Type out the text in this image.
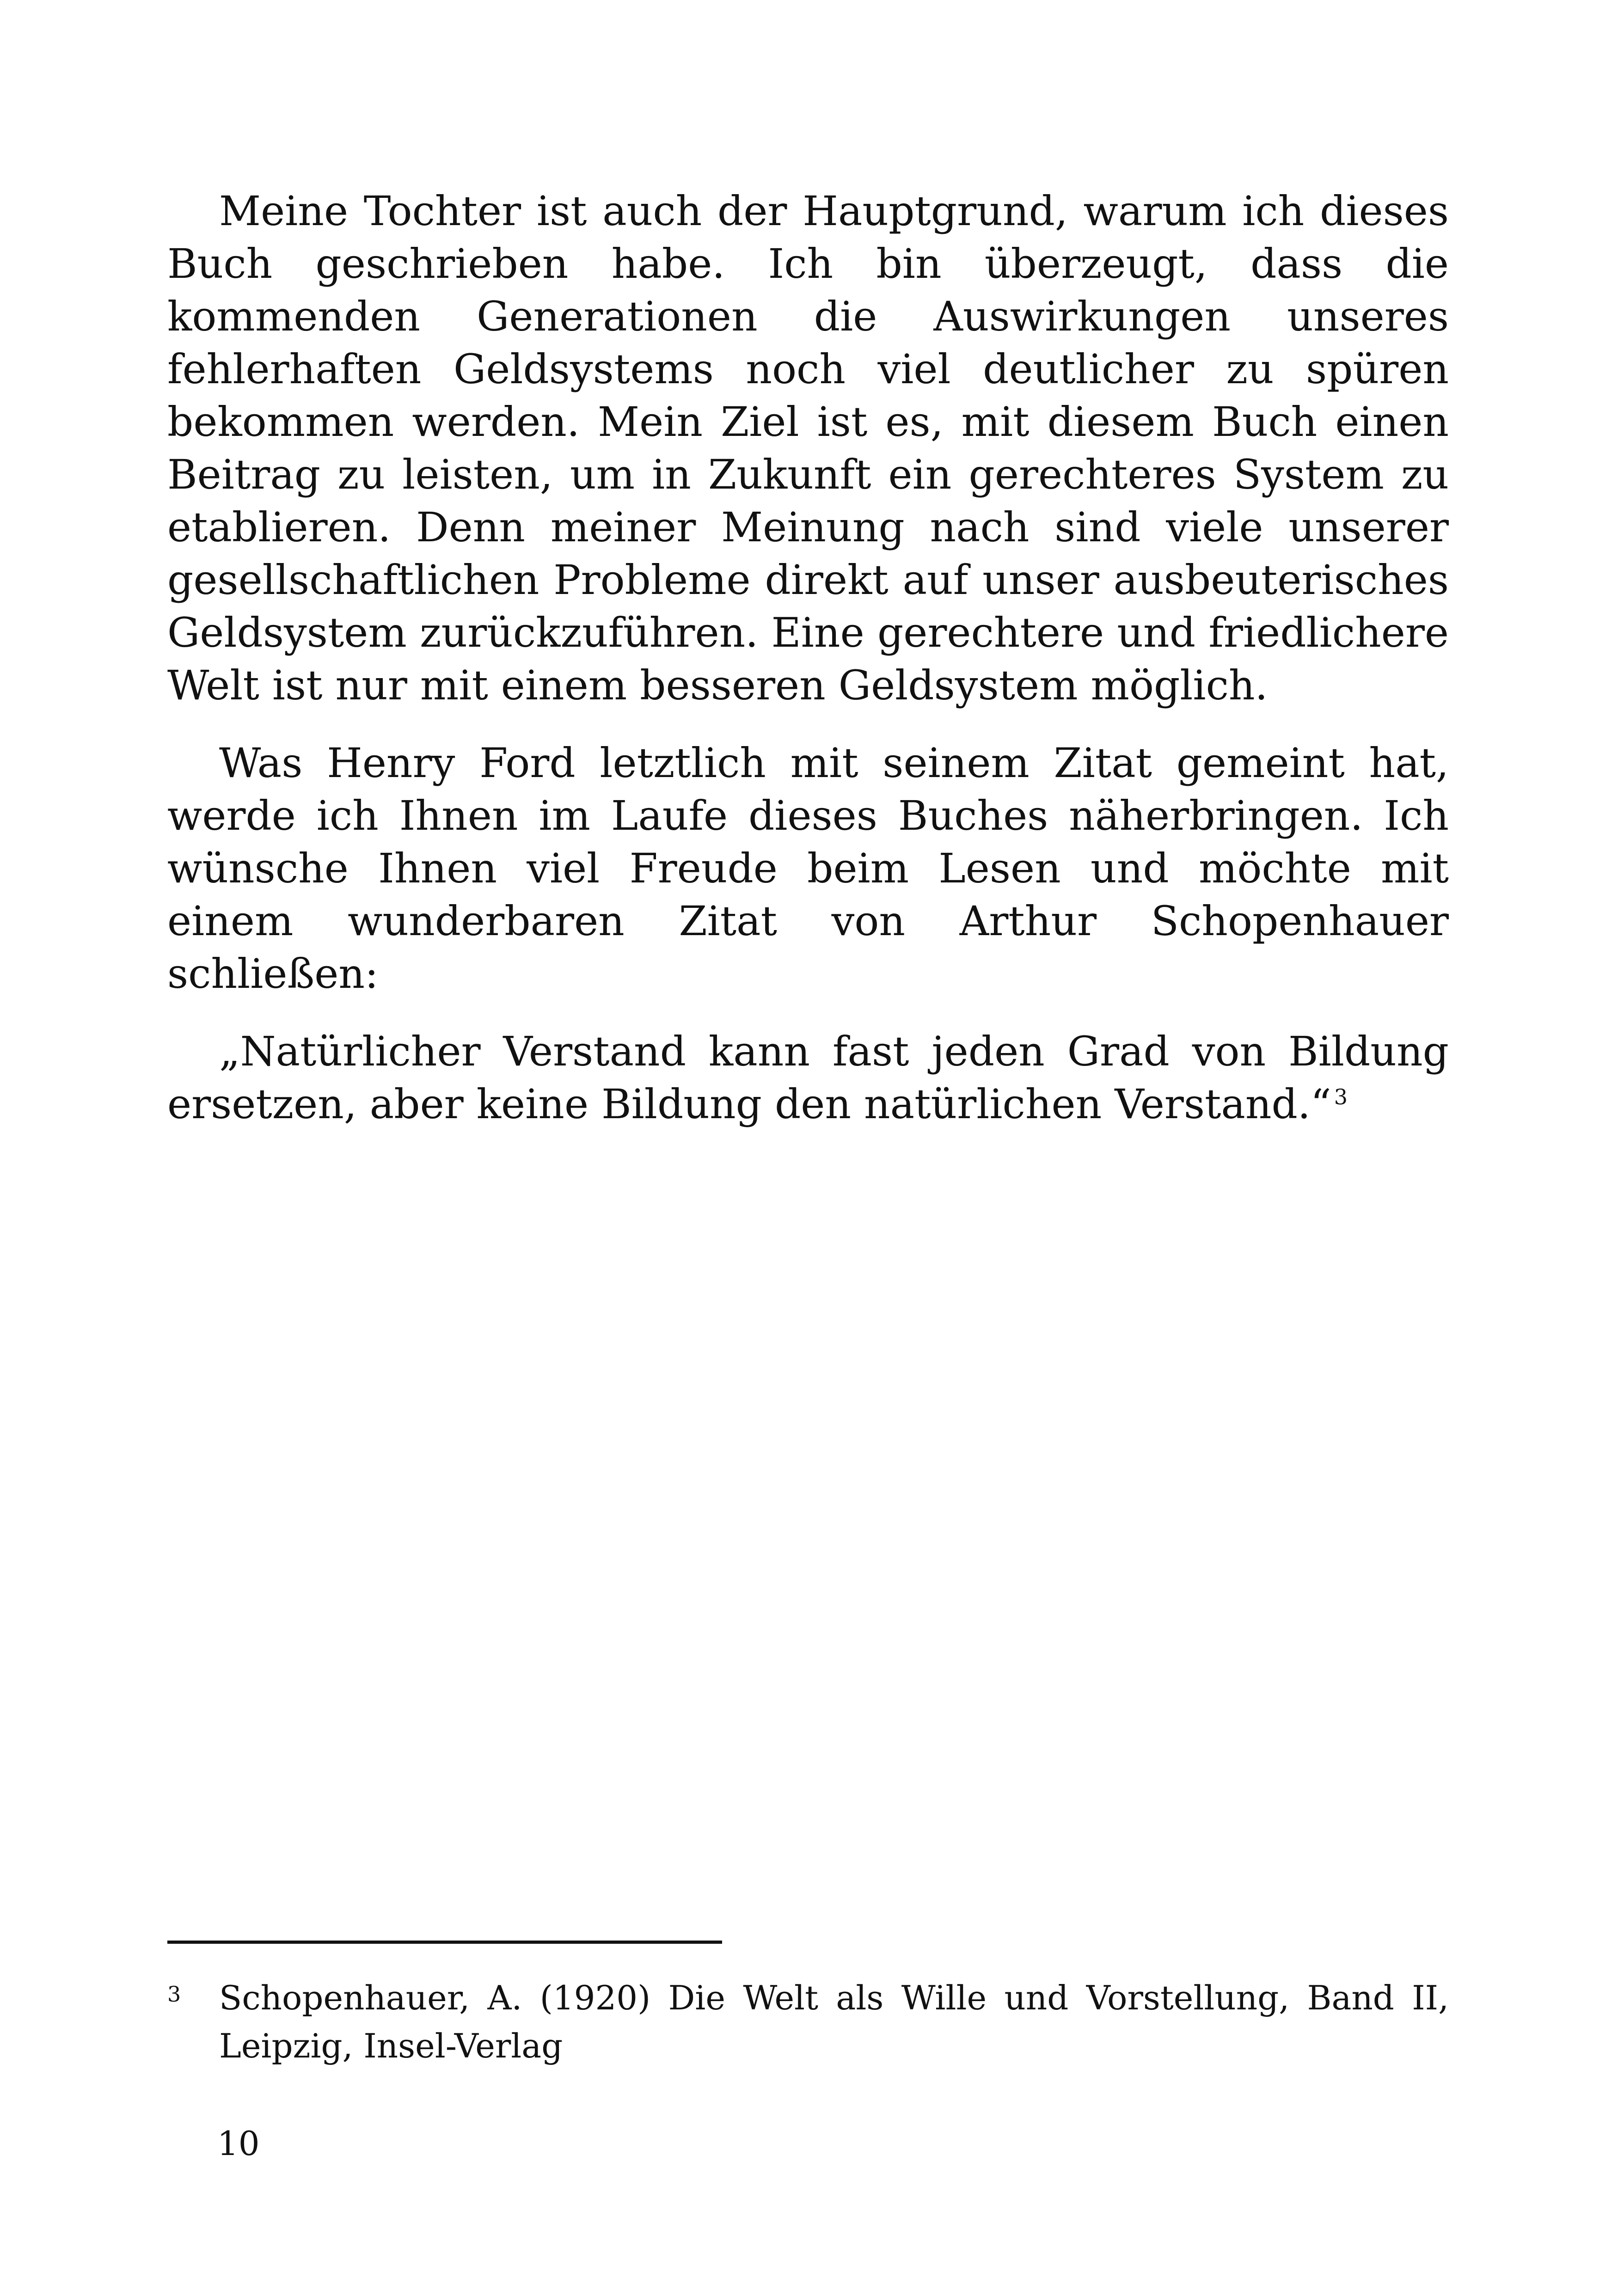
Meine Tochter ist auch der Hauptgrund, warum ich dieses Buch geschrieben habe. Ich bin überzeugt, dass die kommenden Generationen die Auswirkungen unseres fehlerhaften Geldsystems noch viel deutlicher zu spüren bekommen werden. Mein Ziel ist es, mit diesem Buch einen Beitrag zu leisten, um in Zukunft ein gerechteres System zu etablieren. Denn meiner Meinung nach sind viele unserer gesellschaftlichen Probleme direkt auf unser ausbeuterisches Geldsystem zurückzuführen. Eine gerechtere und friedlichere Welt ist nur mit einem besseren Geldsystem möglich.

Was Henry Ford letztlich mit seinem Zitat gemeint hat, werde ich Ihnen im Laufe dieses Buches näherbringen. Ich wünsche Ihnen viel Freude beim Lesen und möchte mit einem wunderbaren Zitat von Arthur Schopenhauer schließen:

„Natürlicher Verstand kann fast jeden Grad von Bildung ersetzen, aber keine Bildung den natürlichen Verstand.“ $^3$

3 Schopenhauer, A. (1920) Die Welt als Wille und Vorstellung, Band II, Leipzig, Insel-Verlag
10
